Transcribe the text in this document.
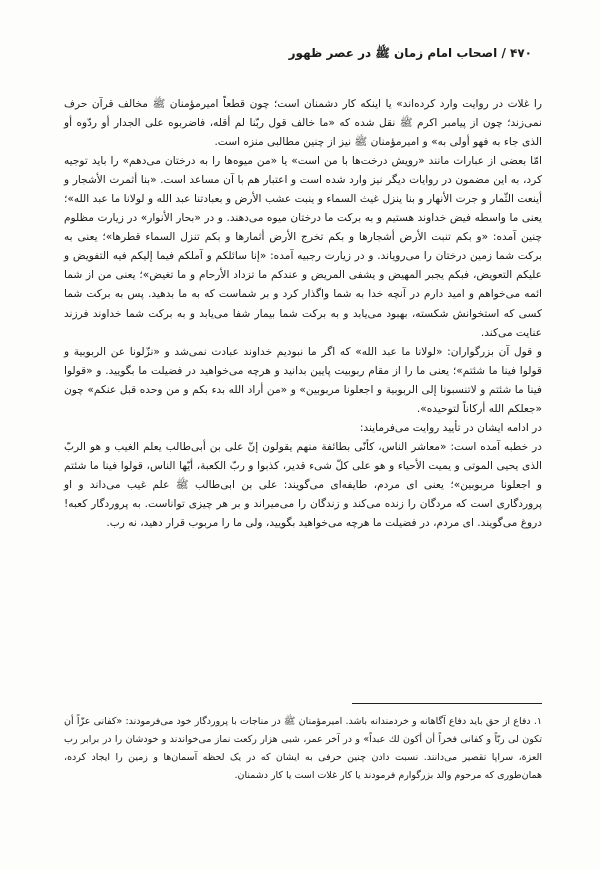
۴۷۰ / اصحاب امام زمان ﷺ در عصر ظهور

را غلات در روایت وارد کرده‌اند» یا اینکه کار دشمنان است؛ چون قطعاً امیرمؤمنان ﷺ مخالف قرآن حرف نمی‌زند؛ چون از پیامبر اکرم ﷺ نقل شده که «ما خالف قول ربّنا لم أقله، فاضربوه علی الجدار أو ردّوه أو الذی جاء به فهو أولی به» و امیرمؤمنان ﷺ نیز از چنین مطالبی منزه است.

امّا بعضی از عبارات مانند «رویش درخت‌ها با من است» یا «من میوه‌ها را به درختان می‌دهم» را باید توجیه کرد، به این مضمون در روایات دیگر نیز وارد شده است و اعتبار هم با آن مساعد است. «بنا أثمرت الأشجار و أینعت الثّمار و جرت الأنهار و بنا ینزل غیث السماء و ینبت عشب الأرض و بعبادتنا عبد الله و لولانا ما عبد الله»؛ یعنی ما واسطه فیض خداوند هستیم و به برکت ما درختان میوه می‌دهند. و در «بحار الأنوار» در زیارت مظلوم چنین آمده: «و بکم تنبت الأرض أشجارها و بکم تخرج الأرض أثمارها و بکم تنزل السماء قطرها»؛ یعنی به برکت شما زمین درختان را می‌رویاند. و در زیارت رجبیه آمده: «إنا سائلکم و آملکم فیما إلیکم فیه التفویض و علیکم التعویض، فبکم یجبر المهیض و یشفی المریض و عندکم ما تزداد الأرحام و ما تغیض»؛ یعنی من از شما ائمه می‌خواهم و امید دارم در آنچه خدا به شما واگذار کرد و بر شماست که به ما بدهید. پس به برکت شما کسی که استخوانش شکسته، بهبود می‌یابد و به برکت شما بیمار شفا می‌یابد و به برکت شما خداوند فرزند عنایت می‌کند.

و قول آن بزرگواران: «لولانا ما عبد الله» که اگر ما نبودیم خداوند عبادت نمی‌شد و «نزّلونا عن الربوبیة و قولوا فینا ما شئتم»؛ یعنی ما را از مقام ربوبیت پایین بدانید و هرچه می‌خواهید در فضیلت ما بگویید. و «قولوا فینا ما شئتم و لاتنسبونا إلی الربوبیة و اجعلونا مربوبین» و «من أراد الله بدء بکم و من وحده قبل عنکم» چون «جعلکم الله أرکاناً لتوحیده».

در ادامه ایشان در تأیید روایت می‌فرمایند:

در خطبه آمده است: «معاشر الناس، کأنّی بطائفة منهم یقولون إنّ علی بن أبی‌طالب یعلم الغیب و هو الربّ الذی یحیی الموتی و یمیت الأحیاء و هو علی کلّ شیء قدیر، کذبوا و ربّ الکعبة، أیّها الناس، قولوا فینا ما شئتم و اجعلونا مربوبین»؛ یعنی ای مردم، طایفه‌ای می‌گویند: علی بن ابی‌طالب ﷺ علم غیب می‌داند و او پروردگاری است که مردگان را زنده می‌کند و زندگان را می‌میراند و بر هر چیزی تواناست. به پروردگار کعبه! دروغ می‌گویند. ای مردم، در فضیلت ما هرچه می‌خواهید بگویید، ولی ما را مربوب قرار دهید، نه رب.

۱. دفاع از حق باید دفاع آگاهانه و خردمندانه باشد. امیرمؤمنان ﷺ در مناجات با پروردگار خود می‌فرمودند: «کفانی عزّاً أن تکون لی ربّاً و کفانی فخراً أن أکون لك عبداً» و در آخر عمر، شبی هزار رکعت نماز می‌خواندند و خودشان را در برابر رب العزة، سراپا تقصیر می‌دانند. نسبت دادن چنین حرفی به ایشان که در یک لحظه آسمان‌ها و زمین را ایجاد کرده، همان‌طوری که مرحوم والد بزرگوارم فرمودند یا کار غلات است یا کار دشمنان.
